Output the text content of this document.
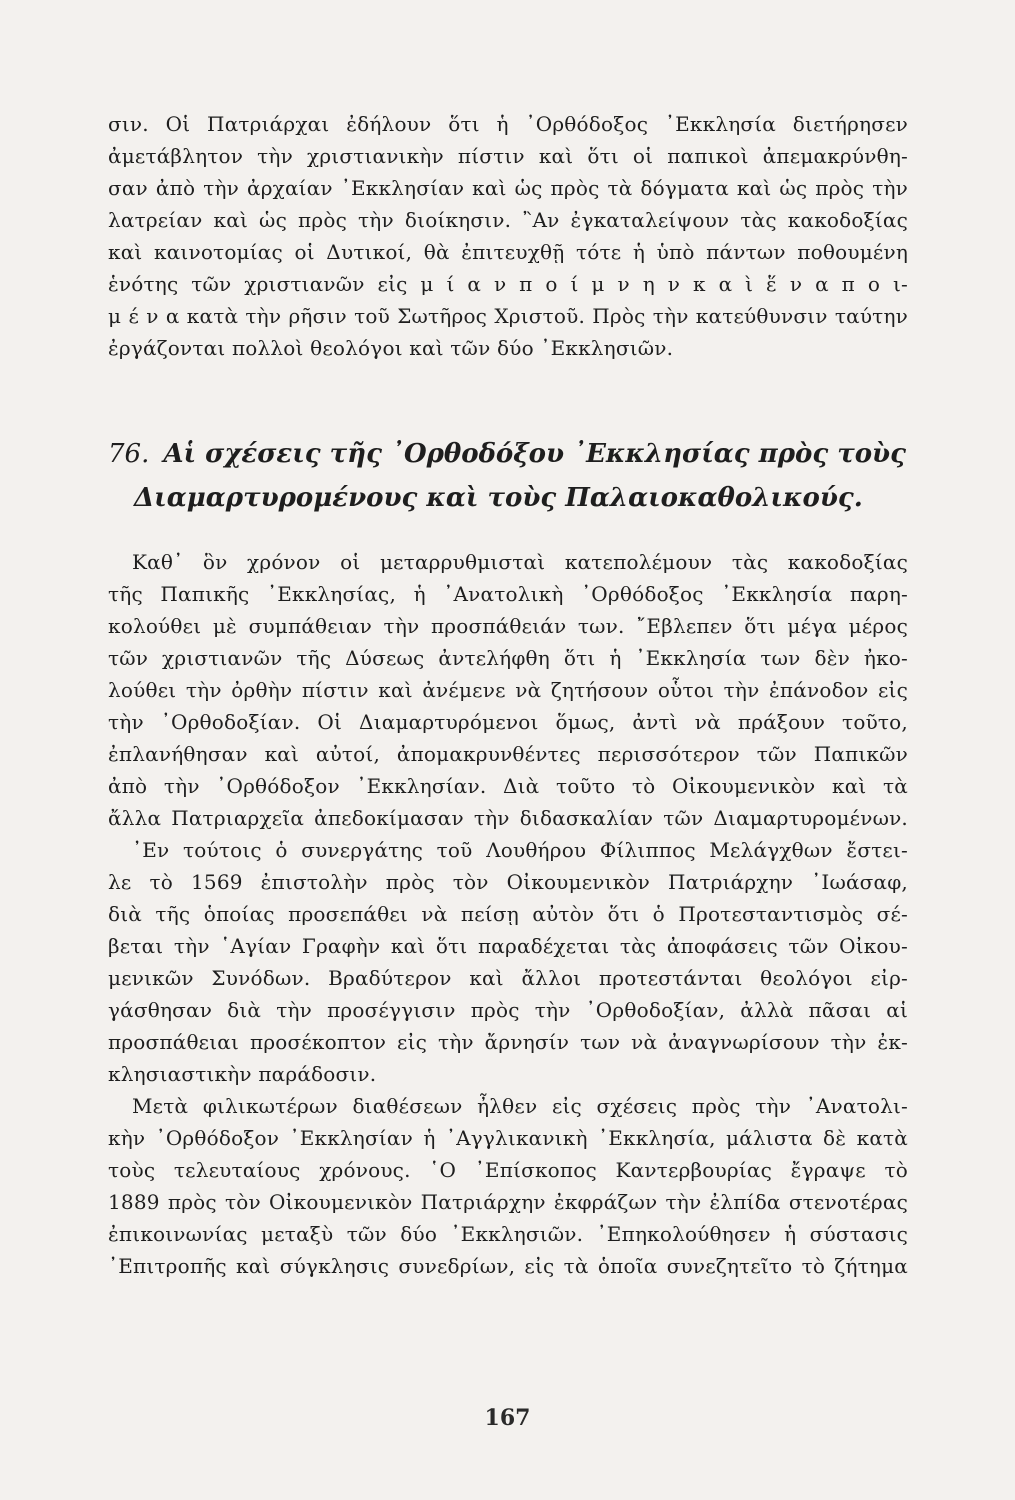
σιν. Οἱ Πατριάρχαι ἐδήλουν ὅτι ἡ ᾿Ορθόδοξος ᾿Εκκλησία διετήρησεν
ἀμετάβλητον τὴν χριστιανικὴν πίστιν καὶ ὅτι οἱ παπικοὶ ἀπεμακρύνθη-
σαν ἀπὸ τὴν ἀρχαίαν ᾿Εκκλησίαν καὶ ὡς πρὸς τὰ δόγματα καὶ ὡς πρὸς τὴν
λατρείαν καὶ ὡς πρὸς τὴν διοίκησιν. ῍Αν ἐγκαταλείψουν τὰς κακοδοξίας
καὶ καινοτομίας οἱ Δυτικοί, θὰ ἐπιτευχθῇ τότε ἡ ὑπὸ πάντων ποθουμένη
ἑνότης τῶν χριστιανῶν εἰς μ ί α ν π ο ί μ ν η ν κ α ὶ ἕ ν α π ο ι-
μ έ ν α κατὰ τὴν ρῆσιν τοῦ Σωτῆρος Χριστοῦ. Πρὸς τὴν κατεύθυνσιν ταύτην
ἐργάζονται πολλοὶ θεολόγοι καὶ τῶν δύο ᾿Εκκλησιῶν.
76. Αἱ σχέσεις τῆς ᾿Ορθοδόξου ᾿Εκκλησίας πρὸς τοὺς
Διαμαρτυρομένους καὶ τοὺς Παλαιοκαθολικούς.
Καθ᾿ ὃν χρόνον οἱ μεταρρυθμισταὶ κατεπολέμουν τὰς κακοδοξίας
τῆς Παπικῆς ᾿Εκκλησίας, ἡ ᾿Ανατολικὴ ᾿Ορθόδοξος ᾿Εκκλησία παρη-
κολούθει μὲ συμπάθειαν τὴν προσπάθειάν των. ῎Εβλεπεν ὅτι μέγα μέρος
τῶν χριστιανῶν τῆς Δύσεως ἀντελήφθη ὅτι ἡ ᾿Εκκλησία των δὲν ἠκο-
λούθει τὴν ὀρθὴν πίστιν καὶ ἀνέμενε νὰ ζητήσουν οὗτοι τὴν ἐπάνοδον εἰς
τὴν ᾿Ορθοδοξίαν. Οἱ Διαμαρτυρόμενοι ὅμως, ἀντὶ νὰ πράξουν τοῦτο,
ἐπλανήθησαν καὶ αὐτοί, ἀπομακρυνθέντες περισσότερον τῶν Παπικῶν
ἀπὸ τὴν ᾿Ορθόδοξον ᾿Εκκλησίαν. Διὰ τοῦτο τὸ Οἰκουμενικὸν καὶ τὰ
ἄλλα Πατριαρχεῖα ἀπεδοκίμασαν τὴν διδασκαλίαν τῶν Διαμαρτυρομένων.
᾿Εν τούτοις ὁ συνεργάτης τοῦ Λουθήρου Φίλιππος Μελάγχθων ἔστει-
λε τὸ 1569 ἐπιστολὴν πρὸς τὸν Οἰκουμενικὸν Πατριάρχην ᾿Ιωάσαφ,
διὰ τῆς ὁποίας προσεπάθει νὰ πείσῃ αὐτὸν ὅτι ὁ Προτεσταντισμὸς σέ-
βεται τὴν ῾Αγίαν Γραφὴν καὶ ὅτι παραδέχεται τὰς ἀποφάσεις τῶν Οἰκου-
μενικῶν Συνόδων. Βραδύτερον καὶ ἄλλοι προτεστάνται θεολόγοι εἰρ-
γάσθησαν διὰ τὴν προσέγγισιν πρὸς τὴν ᾿Ορθοδοξίαν, ἀλλὰ πᾶσαι αἱ
προσπάθειαι προσέκοπτον εἰς τὴν ἄρνησίν των νὰ ἀναγνωρίσουν τὴν ἐκ-
κλησιαστικὴν παράδοσιν.
Μετὰ φιλικωτέρων διαθέσεων ἦλθεν εἰς σχέσεις πρὸς τὴν ᾿Ανατολι-
κὴν ᾿Ορθόδοξον ᾿Εκκλησίαν ἡ ᾿Αγγλικανικὴ ᾿Εκκλησία, μάλιστα δὲ κατὰ
τοὺς τελευταίους χρόνους. ῾Ο ᾿Επίσκοπος Καντερβουρίας ἔγραψε τὸ
1889 πρὸς τὸν Οἰκουμενικὸν Πατριάρχην ἐκφράζων τὴν ἐλπίδα στενοτέρας
ἐπικοινωνίας μεταξὺ τῶν δύο ᾿Εκκλησιῶν. ᾿Επηκολούθησεν ἡ σύστασις
᾿Επιτροπῆς καὶ σύγκλησις συνεδρίων, εἰς τὰ ὁποῖα συνεζητεῖτο τὸ ζήτημα
167
